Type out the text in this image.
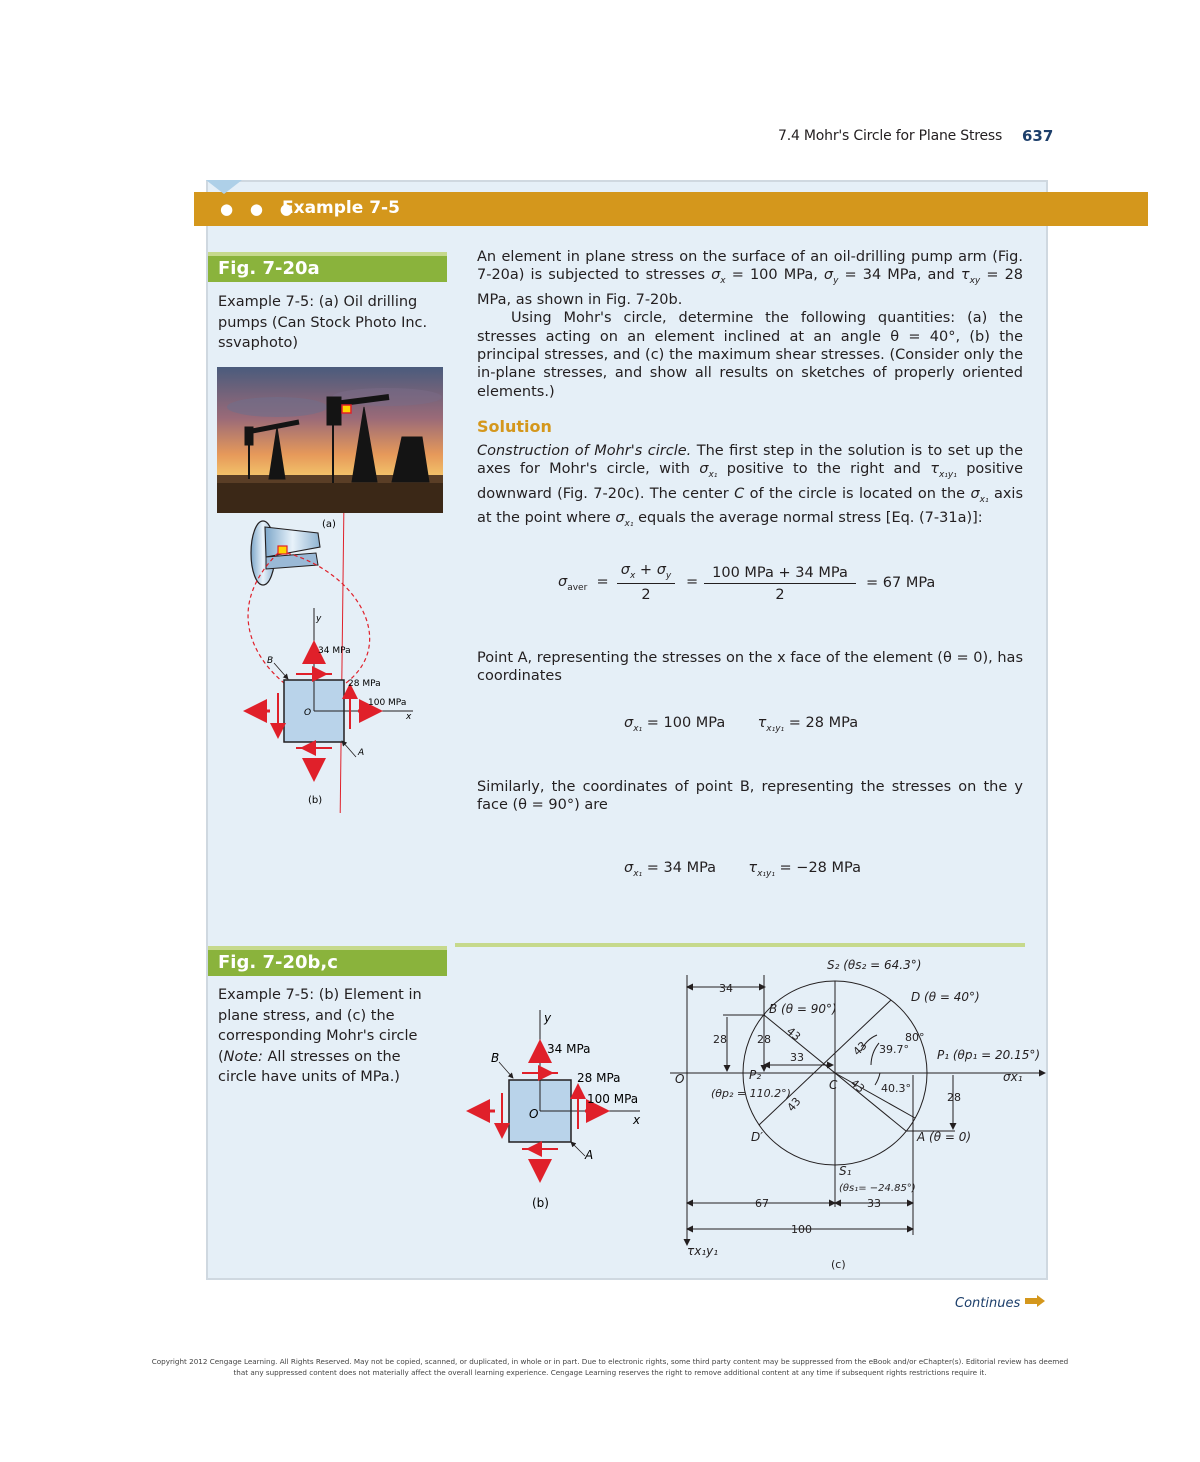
7.4 Mohr's Circle for Plane Stress 637
● ● ●
Example 7-5
Fig. 7-20a
Example 7-5: (a) Oil drilling pumps (Can Stock Photo Inc. ssvaphoto)
(a)
y
x
O
B
A
34 MPa
28 MPa
100 MPa
(b)

An element in plane stress on the surface of an oil-drilling pump arm (Fig. 7-20a) is subjected to stresses $\sigma_x = 100$ MPa, $\sigma_y = 34$ MPa, and $\tau_{xy} = 28$ MPa, as shown in Fig. 7-20b.

Using Mohr's circle, determine the following quantities: (a) the stresses acting on an element inclined at an angle θ = 40°, (b) the principal stresses, and (c) the maximum shear stresses. (Consider only the in-plane stresses, and show all results on sketches of properly oriented elements.)

Solution

Construction of Mohr's circle. The first step in the solution is to set up the axes for Mohr's circle, with $\sigma_{x_1}$ positive to the right and $\tau_{x_1y_1}$ positive downward (Fig. 7-20c). The center C of the circle is located on the $\sigma_{x_1}$ axis at the point where $\sigma_{x_1}$ equals the average normal stress [Eq. (7-31a)]:

$\sigma_{aver}$  =
$\sigma_x + \sigma_y$
2
=
100 MPa + 34 MPa
2
= 67 MPa
Point A, representing the stresses on the x face of the element (θ = 0), has coordinates
$\sigma_{x_1} = 100$ MPa $\tau_{x_1y_1} = 28$ MPa
Similarly, the coordinates of point B, representing the stresses on the y face (θ = 90°) are
$\sigma_{x_1} = 34$ MPa $\tau_{x_1y_1} = -28$ MPa
Fig. 7-20b,c
Example 7-5: (b) Element in plane stress, and (c) the corresponding Mohr's circle (Note: All stresses on the circle have units of MPa.)
y
x
O
B
A
34 MPa
28 MPa
100 MPa
(b)
S₂ (θs₂ = 64.3°)
D (θ = 40°)
B (θ = 90°)
P₁ (θp₁ = 20.15°)
σx₁
A (θ = 0)
D′
S₁
(θs₁= −24.85°)
P₂
(θp₂ = 110.2°)
C
O
τx₁y₁
34
28	28
33
28
67	33
100
43
43
43
43
80°
39.7°
40.3°
(c)
Continues
Copyright 2012 Cengage Learning. All Rights Reserved. May not be copied, scanned, or duplicated, in whole or in part. Due to electronic rights, some third party content may be suppressed from the eBook and/or eChapter(s). Editorial review has deemed that any suppressed content does not materially affect the overall learning experience. Cengage Learning reserves the right to remove additional content at any time if subsequent rights restrictions require it.
